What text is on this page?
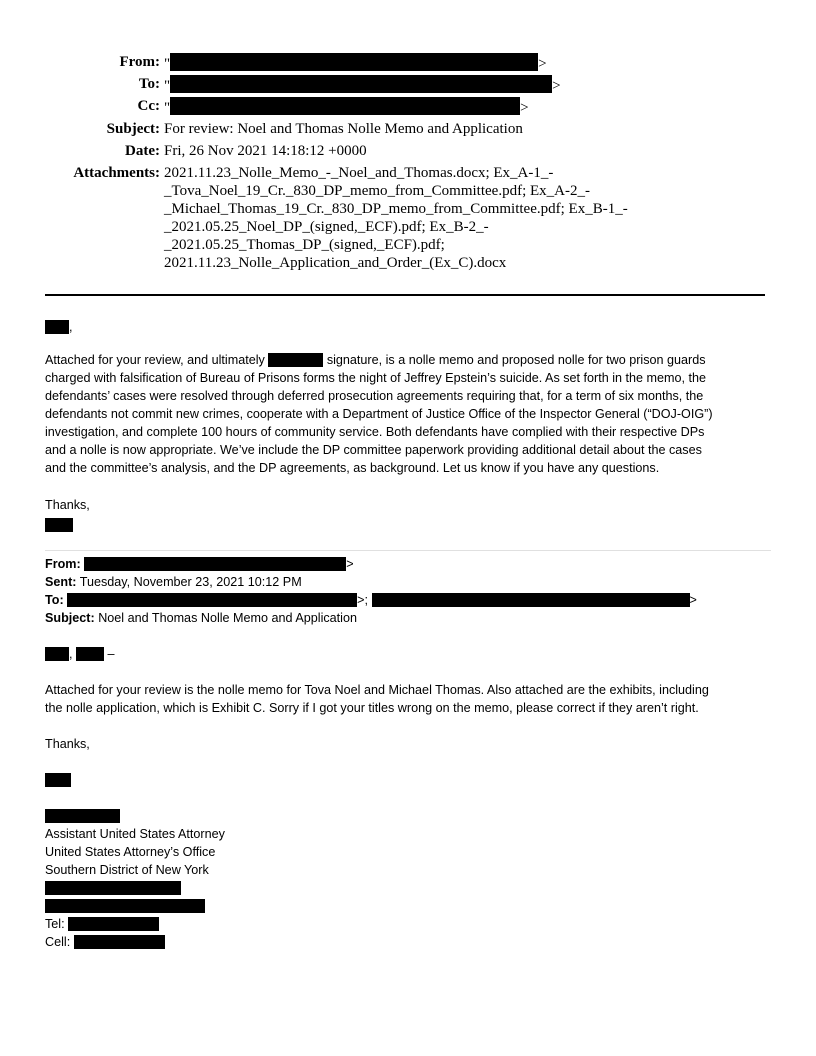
From: "	>
To: "	>
Cc: "	>
Subject: For review: Noel and Thomas Nolle Memo and Application
Date: Fri, 26 Nov 2021 14:18:12 +0000
Attachments: 2021.11.23_Nolle_Memo_-_Noel_and_Thomas.docx; Ex_A-1_-
_Tova_Noel_19_Cr._830_DP_memo_from_Committee.pdf; Ex_A-2_-
_Michael_Thomas_19_Cr._830_DP_memo_from_Committee.pdf; Ex_B-1_-
_2021.05.25_Noel_DP_(signed,_ECF).pdf; Ex_B-2_-
_2021.05.25_Thomas_DP_(signed,_ECF).pdf;
2021.11.23_Nolle_Application_and_Order_(Ex_C).docx
,
Attached for your review, and ultimately	signature, is a nolle memo and proposed nolle for two prison guards
charged with falsification of Bureau of Prisons forms the night of Jeffrey Epstein’s suicide. As set forth in the memo, the
defendants’ cases were resolved through deferred prosecution agreements requiring that, for a term of six months, the
defendants not commit new crimes, cooperate with a Department of Justice Office of the Inspector General (“DOJ-OIG”)
investigation, and complete 100 hours of community service. Both defendants have complied with their respective DPs
and a nolle is now appropriate. We’ve include the DP committee paperwork providing additional detail about the cases
and the committee’s analysis, and the DP agreements, as background. Let us know if you have any questions.
Thanks,
From:	>
Sent: Tuesday, November 23, 2021 10:12 PM
To:	>;	>
Subject: Noel and Thomas Nolle Memo and Application
,	–
Attached for your review is the nolle memo for Tova Noel and Michael Thomas. Also attached are the exhibits, including
the nolle application, which is Exhibit C. Sorry if I got your titles wrong on the memo, please correct if they aren’t right.
Thanks,
Assistant United States Attorney
United States Attorney’s Office
Southern District of New York
Tel:
Cell:
